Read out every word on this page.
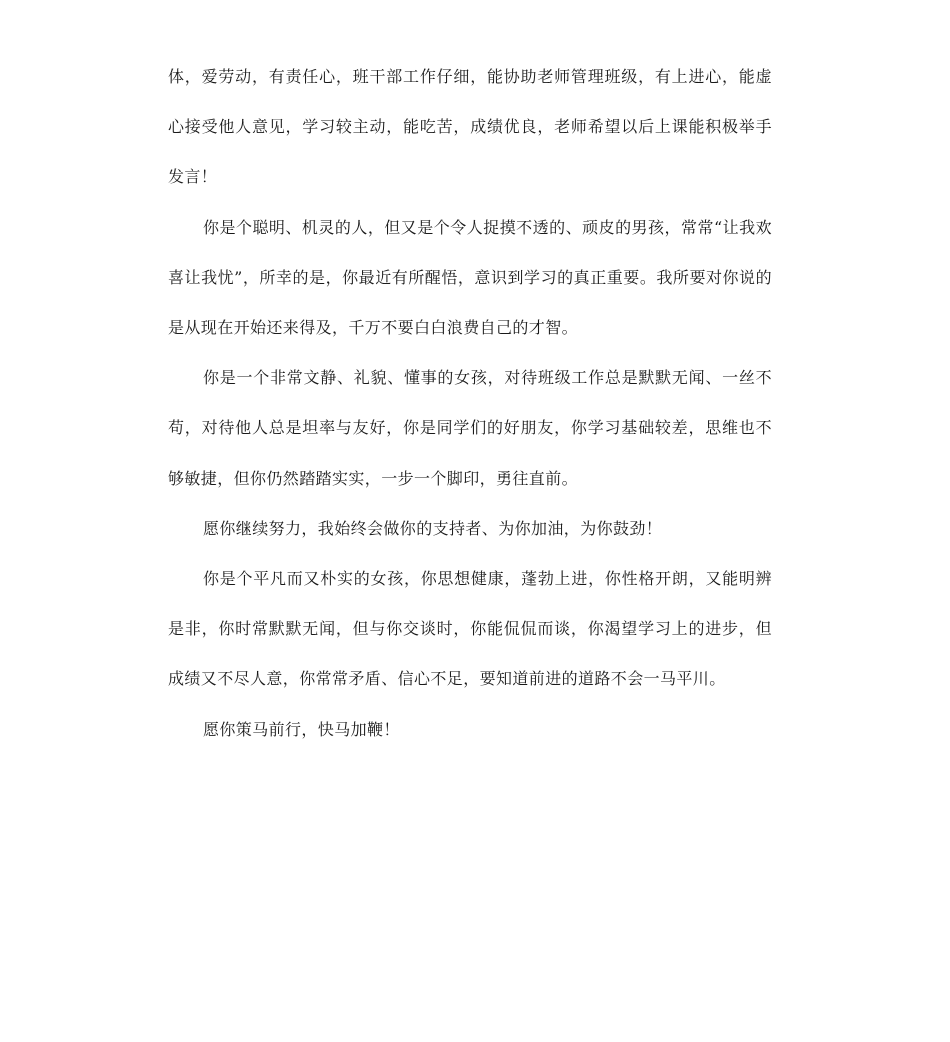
体，爱劳动，有责任心，班干部工作仔细，能协助老师管理班级，有上进心，能虚心接受他人意见，学习较主动，能吃苦，成绩优良，老师希望以后上课能积极举手发言！

你是个聪明、机灵的人，但又是个令人捉摸不透的、顽皮的男孩，常常“让我欢喜让我忧”，所幸的是，你最近有所醒悟，意识到学习的真正重要。我所要对你说的是从现在开始还来得及，千万不要白白浪费自己的才智。

你是一个非常文静、礼貌、懂事的女孩，对待班级工作总是默默无闻、一丝不苟，对待他人总是坦率与友好，你是同学们的好朋友，你学习基础较差，思维也不够敏捷，但你仍然踏踏实实，一步一个脚印，勇往直前。

愿你继续努力，我始终会做你的支持者、为你加油，为你鼓劲！

你是个平凡而又朴实的女孩，你思想健康，蓬勃上进，你性格开朗，又能明辨是非，你时常默默无闻，但与你交谈时，你能侃侃而谈，你渴望学习上的进步，但成绩又不尽人意，你常常矛盾、信心不足，要知道前进的道路不会一马平川。

愿你策马前行，快马加鞭！
